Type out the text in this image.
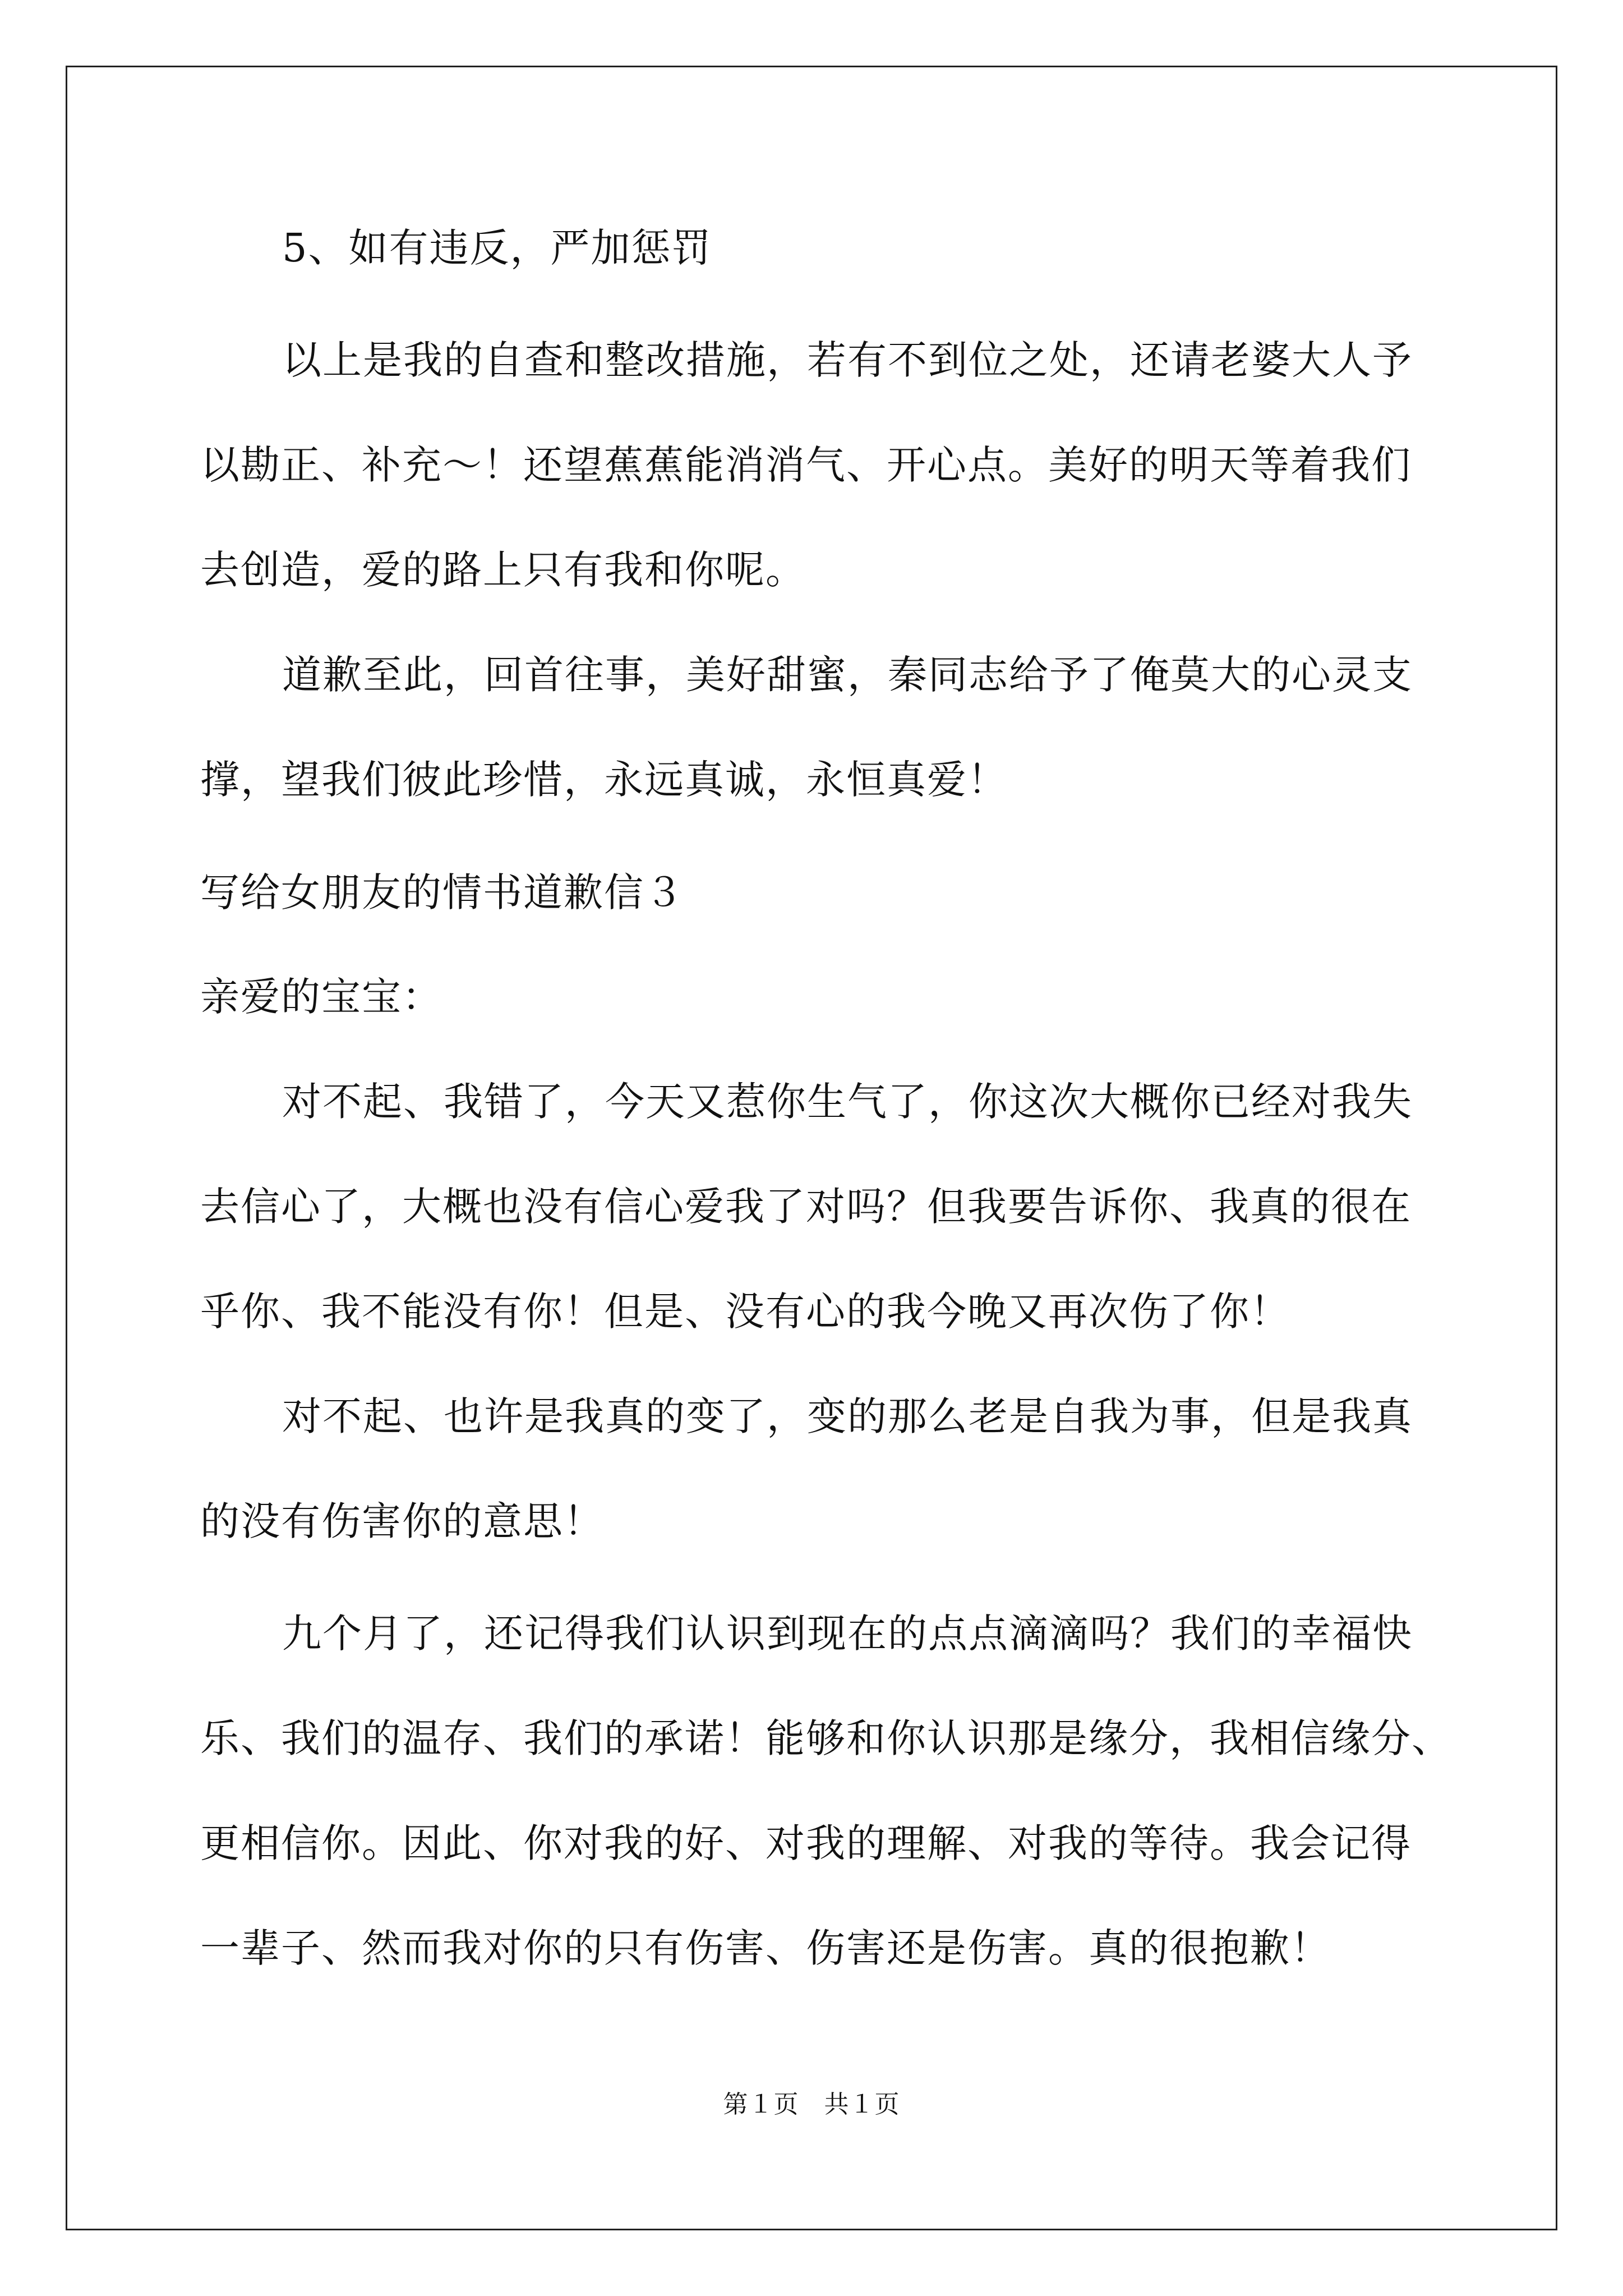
5、如有违反，严加惩罚
以上是我的自查和整改措施，若有不到位之处，还请老婆大人予
以勘正、补充～！还望蕉蕉能消消气、开心点。美好的明天等着我们
去创造，爱的路上只有我和你呢。
道歉至此，回首往事，美好甜蜜，秦同志给予了俺莫大的心灵支
撑，望我们彼此珍惜，永远真诚，永恒真爱！
写给女朋友的情书道歉信３
亲爱的宝宝：
对不起、我错了，今天又惹你生气了，你这次大概你已经对我失
去信心了，大概也没有信心爱我了对吗？但我要告诉你、我真的很在
乎你、我不能没有你！但是、没有心的我今晚又再次伤了你！
对不起、也许是我真的变了，变的那么老是自我为事，但是我真
的没有伤害你的意思！
九个月了，还记得我们认识到现在的点点滴滴吗？我们的幸福快
乐、我们的温存、我们的承诺！能够和你认识那是缘分，我相信缘分、
更相信你。因此、你对我的好、对我的理解、对我的等待。我会记得
一辈子、然而我对你的只有伤害、伤害还是伤害。真的很抱歉！
第１页　共１页
